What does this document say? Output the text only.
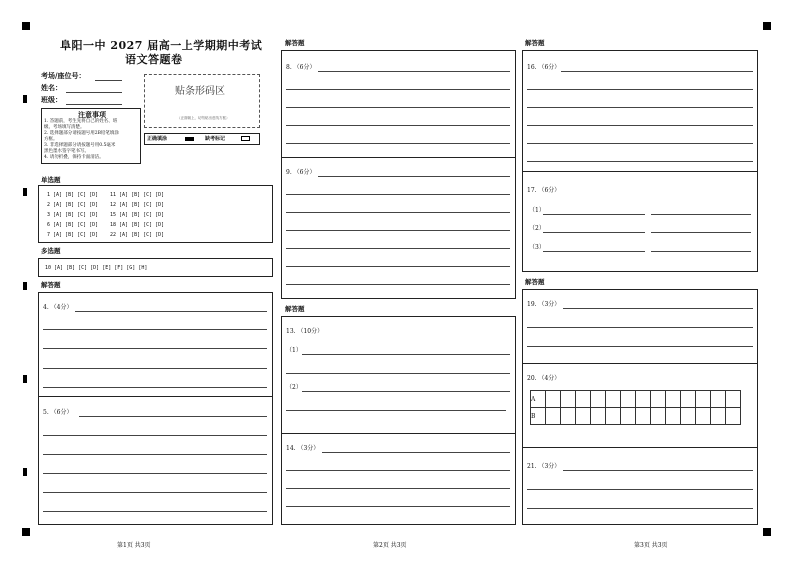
阜阳一中 2027 届高一上学期期中考试
语文答题卷
考场/座位号：
姓名：
班级：
贴条形码区
（正面朝上，切勿贴出虚线方框）
注意事项
1. 答题前，考生先将自己的姓名、班
级、考场填写清楚。
2. 选择题部分请按题号用2B铅笔填涂
方框。
3. 非选择题部分请按题号用0.5毫米
黑色墨水签字笔书写。
4. 请勿折叠，保持卡面清洁。
正确填涂	缺考标记
单选题
1 [A] [B] [C] [D] 11 [A] [B] [C] [D]
2 [A] [B] [C] [D] 12 [A] [B] [C] [D]
3 [A] [B] [C] [D] 15 [A] [B] [C] [D]
6 [A] [B] [C] [D] 18 [A] [B] [C] [D]
7 [A] [B] [C] [D] 22 [A] [B] [C] [D]
多选题
10 [A] [B] [C] [D] [E] [F] [G] [H]
解答题
4. （4分）
5. （6分）
第1页 共3页
解答题
8. （6分）
9. （6分）
解答题
13. （10分）
（1）
（2）
14. （3分）
第2页 共3页
解答题
16. （6分）
17. （6分）
（1）
（2）
（3）
解答题
19. （3分）
20. （4分）
A													
B													
21. （3分）
第3页 共3页
